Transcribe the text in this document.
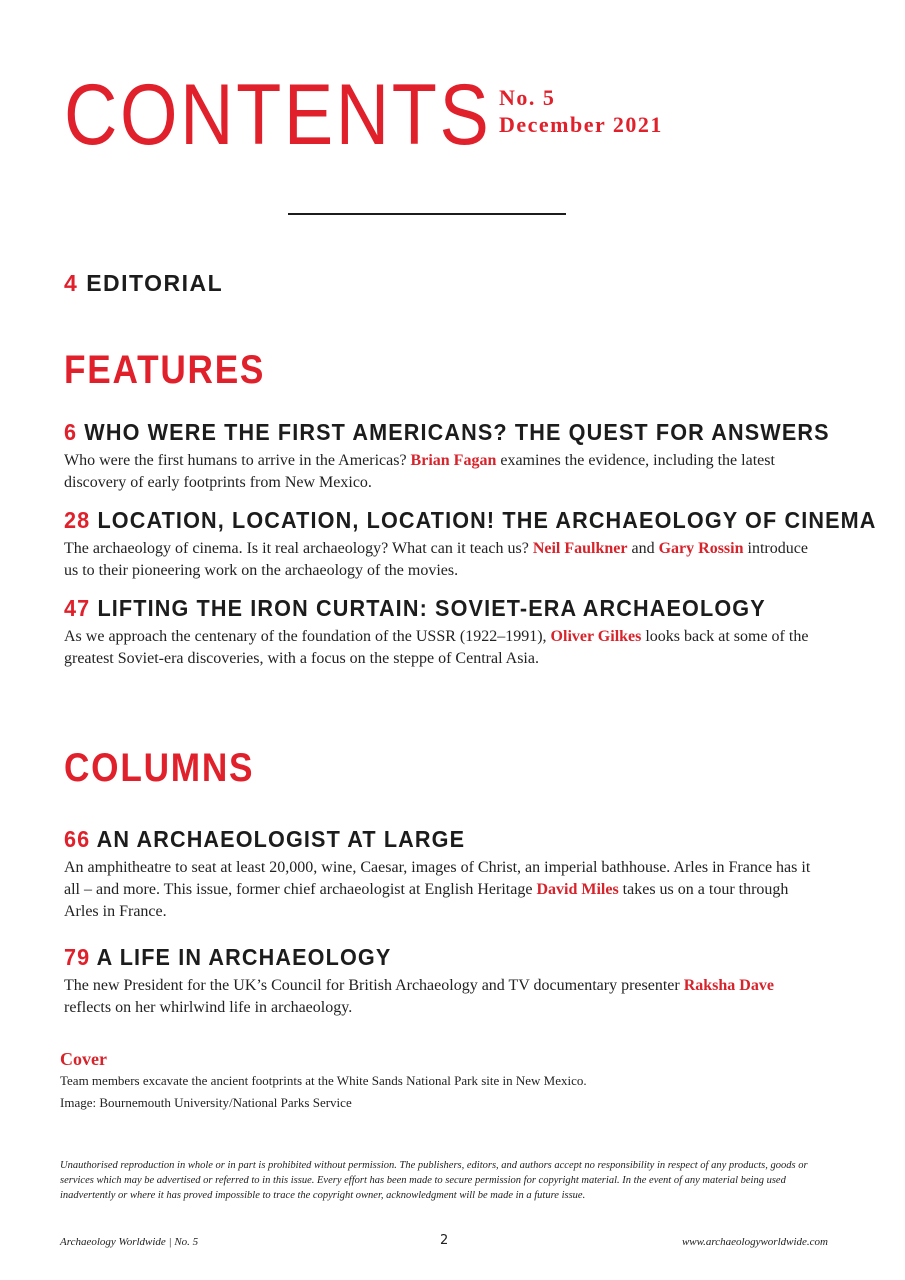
CONTENTS No. 5
December 2021
4 EDITORIAL
FEATURES
6 WHO WERE THE FIRST AMERICANS? THE QUEST FOR ANSWERS
Who were the first humans to arrive in the Americas? Brian Fagan examines the evidence, including the latest discovery of early footprints from New Mexico.
28 LOCATION, LOCATION, LOCATION! THE ARCHAEOLOGY OF CINEMA
The archaeology of cinema. Is it real archaeology? What can it teach us? Neil Faulkner and Gary Rossin introduce us to their pioneering work on the archaeology of the movies.
47 LIFTING THE IRON CURTAIN: SOVIET-ERA ARCHAEOLOGY
As we approach the centenary of the foundation of the USSR (1922–1991), Oliver Gilkes looks back at some of the greatest Soviet-era discoveries, with a focus on the steppe of Central Asia.
COLUMNS
66 AN ARCHAEOLOGIST AT LARGE
An amphitheatre to seat at least 20,000, wine, Caesar, images of Christ, an imperial bathhouse. Arles in France has it all – and more. This issue, former chief archaeologist at English Heritage David Miles takes us on a tour through Arles in France.
79 A LIFE IN ARCHAEOLOGY
The new President for the UK’s Council for British Archaeology and TV documentary presenter Raksha Dave reflects on her whirlwind life in archaeology.
Cover
Team members excavate the ancient footprints at the White Sands National Park site in New Mexico.
Image: Bournemouth University/National Parks Service
Unauthorised reproduction in whole or in part is prohibited without permission. The publishers, editors, and authors accept no responsibility in respect of any products, goods or services which may be advertised or referred to in this issue. Every effort has been made to secure permission for copyright material. In the event of any material being used inadvertently or where it has proved impossible to trace the copyright owner, acknowledgment will be made in a future issue.
Archaeology Worldwide | No. 5	2	www.archaeologyworldwide.com
